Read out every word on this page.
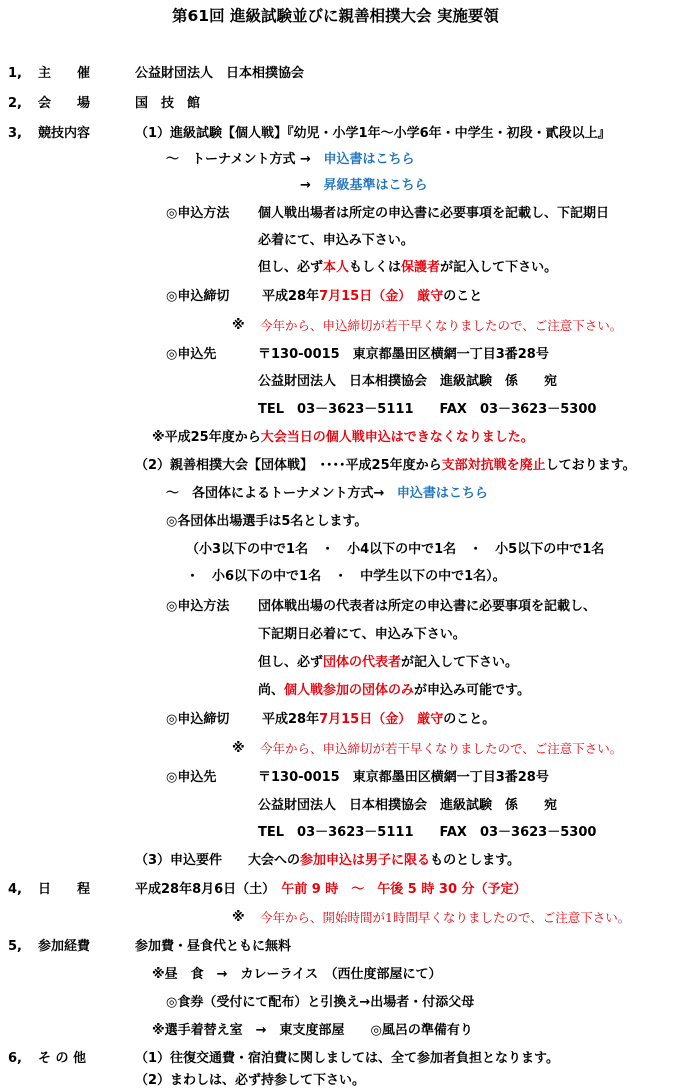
第61回 進級試験並びに親善相撲大会 実施要領
1, 主　　催	公益財団法人　日本相撲協会
2, 会　　場	国　技　館
3, 競技内容	（1）進級試験【個人戦】『幼児・小学1年～小学6年・中学生・初段・貳段以上』
～　トーナメント方式 → 申込書はこちら
→ 昇級基準はこちら
◎申込方法 個人戦出場者は所定の申込書に必要事項を記載し、下記期日
必着にて、申込み下さい。
但し、必ず本人もしくは保護者が記入して下さい。
◎申込締切	平成28年7月15日（金） 厳守のこと
※ 今年から、申込締切が若干早くなりましたので、ご注意下さい。
◎申込先	〒130-0015　東京都墨田区横網一丁目3番28号
公益財団法人　日本相撲協会　進級試験　係　　宛
TEL　03－3623－5111　　FAX　03－3623－5300
※平成25年度から大会当日の個人戦申込はできなくなりました。
（2）親善相撲大会【団体戦】　････平成25年度から支部対抗戦を廃止しております。
～　各団体によるトーナメント方式→ 申込書はこちら
◎各団体出場選手は5名とします。
（小3以下の中で1名　・　小4以下の中で1名　・　小5以下の中で1名
・　小6以下の中で1名　・　中学生以下の中で1名）。
◎申込方法 団体戦出場の代表者は所定の申込書に必要事項を記載し、
下記期日必着にて、申込み下さい。
但し、必ず団体の代表者が記入して下さい。
尚、個人戦参加の団体のみが申込み可能です。
◎申込締切	平成28年7月15日（金） 厳守のこと。
※ 今年から、申込締切が若干早くなりましたので、ご注意下さい。
◎申込先	〒130-0015　東京都墨田区横網一丁目3番28号
公益財団法人　日本相撲協会　進級試験　係　　宛
TEL　03－3623－5111　　FAX　03－3623－5300
（3）申込要件　　大会への参加申込は男子に限るものとします。
4, 日　　程	平成28年8月6日（土） 午前 9 時　～　午後 5 時 30 分（予定）
※ 今年から、開始時間が1時間早くなりましたので、ご注意下さい。
5, 参加経費	参加費・昼食代ともに無料
※昼　食　→　カレーライス　（西仕度部屋にて）
◎食券（受付にて配布）と引換え→出場者・付添父母
※選手着替え室　→　東支度部屋　　◎風呂の準備有り
6, そ の 他	（1）往復交通費・宿泊費に関しましては、全て参加者負担となります。
（2）まわしは、必ず持参して下さい。
